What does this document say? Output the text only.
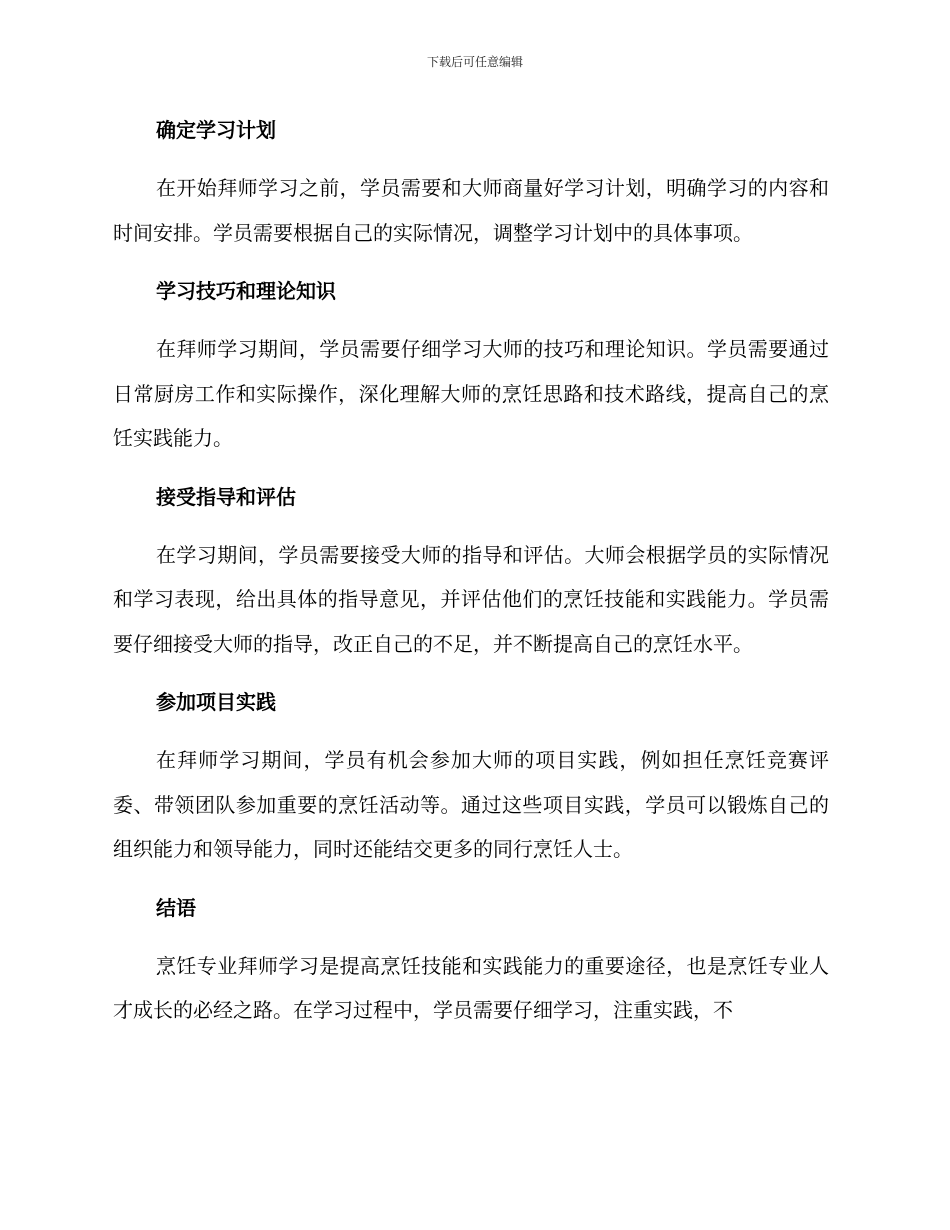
下载后可任意编辑
确定学习计划

在开始拜师学习之前，学员需要和大师商量好学习计划，明确学习的内容和时间安排。学员需要根据自己的实际情况，调整学习计划中的具体事项。

学习技巧和理论知识

在拜师学习期间，学员需要仔细学习大师的技巧和理论知识。学员需要通过日常厨房工作和实际操作，深化理解大师的烹饪思路和技术路线，提高自己的烹饪实践能力。

接受指导和评估

在学习期间，学员需要接受大师的指导和评估。大师会根据学员的实际情况和学习表现，给出具体的指导意见，并评估他们的烹饪技能和实践能力。学员需要仔细接受大师的指导，改正自己的不足，并不断提高自己的烹饪水平。

参加项目实践

在拜师学习期间，学员有机会参加大师的项目实践，例如担任烹饪竞赛评委、带领团队参加重要的烹饪活动等。通过这些项目实践，学员可以锻炼自己的组织能力和领导能力，同时还能结交更多的同行烹饪人士。

结语

烹饪专业拜师学习是提高烹饪技能和实践能力的重要途径，也是烹饪专业人才成长的必经之路。在学习过程中，学员需要仔细学习，注重实践，不
